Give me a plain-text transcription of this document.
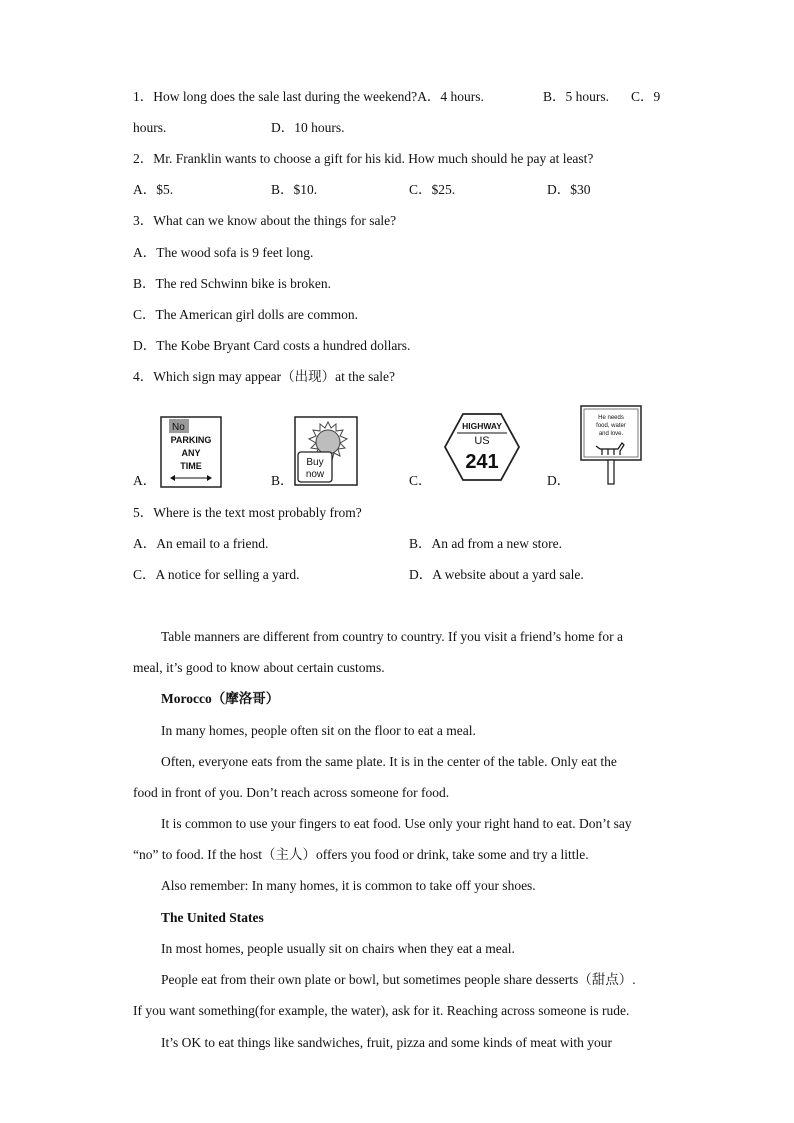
1．How long does the sale last during the weekend?A．4 hours.	B．5 hours. C．9
hours.	D．10 hours.
2．Mr. Franklin wants to choose a gift for his kid. How much should he pay at least?
A．$5.	B．$10.	C．$25.	D．$30
3．What can we know about the things for sale?
A．The wood sofa is 9 feet long.
B．The red Schwinn bike is broken.
C．The American girl dolls are common.
D．The Kobe Bryant Card costs a hundred dollars.
4．Which sign may appear（出现）at the sale?
A．
No
PARKING
ANY
TIME
B．
Buy
now	C．
HIGHWAY
US
241
D．
He needs
food, water
and love.
5．Where is the text most probably from?
A．An email to a friend.	B．An ad from a new store.
C．A notice for selling a yard.	D．A website about a yard sale.
Table manners are different from country to country. If you visit a friend’s home for a
meal, it’s good to know about certain customs.
Morocco（摩洛哥）
In many homes, people often sit on the floor to eat a meal.
Often, everyone eats from the same plate. It is in the center of the table. Only eat the
food in front of you. Don’t reach across someone for food.
It is common to use your fingers to eat food. Use only your right hand to eat. Don’t say
“no” to food. If the host（主人）offers you food or drink, take some and try a little.
Also remember: In many homes, it is common to take off your shoes.
The United States
In most homes, people usually sit on chairs when they eat a meal.
People eat from their own plate or bowl, but sometimes people share desserts（甜点）.
If you want something(for example, the water), ask for it. Reaching across someone is rude.
It’s OK to eat things like sandwiches, fruit, pizza and some kinds of meat with your
